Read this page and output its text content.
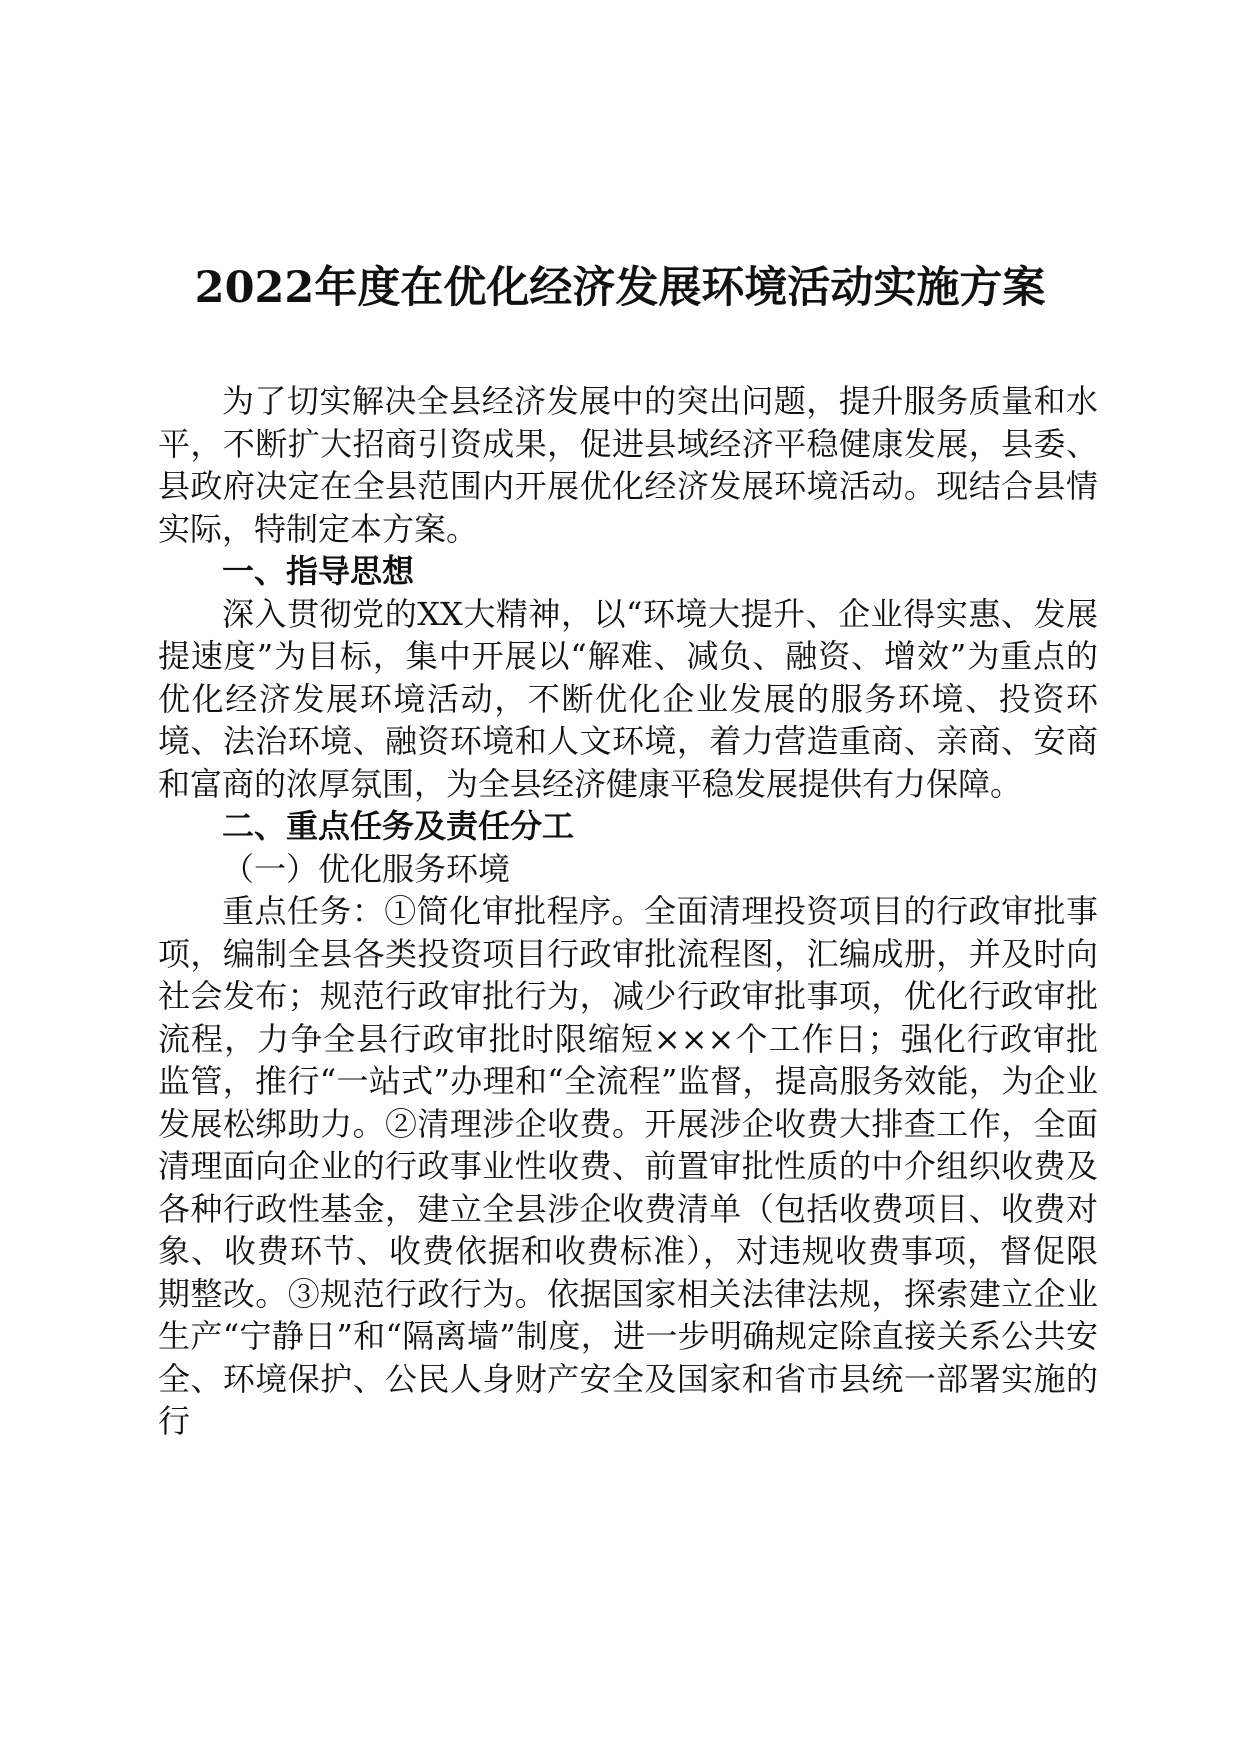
2022年度在优化经济发展环境活动实施方案

为了切实解决全县经济发展中的突出问题，提升服务质量和水平，不断扩大招商引资成果，促进县域经济平稳健康发展，县委、县政府决定在全县范围内开展优化经济发展环境活动。现结合县情实际，特制定本方案。

一、指导思想

深入贯彻党的XX大精神，以“环境大提升、企业得实惠、发展提速度”为目标，集中开展以“解难、减负、融资、增效”为重点的优化经济发展环境活动，不断优化企业发展的服务环境、投资环境、法治环境、融资环境和人文环境，着力营造重商、亲商、安商和富商的浓厚氛围，为全县经济健康平稳发展提供有力保障。

二、重点任务及责任分工

（一）优化服务环境

重点任务：①简化审批程序。全面清理投资项目的行政审批事项，编制全县各类投资项目行政审批流程图，汇编成册，并及时向社会发布；规范行政审批行为，减少行政审批事项，优化行政审批流程，力争全县行政审批时限缩短×××个工作日；强化行政审批监管，推行“一站式”办理和“全流程”监督，提高服务效能，为企业发展松绑助力。②清理涉企收费。开展涉企收费大排查工作，全面清理面向企业的行政事业性收费、前置审批性质的中介组织收费及各种行政性基金，建立全县涉企收费清单（包括收费项目、收费对象、收费环节、收费依据和收费标准），对违规收费事项，督促限期整改。③规范行政行为。依据国家相关法律法规，探索建立企业生产“宁静日”和“隔离墙”制度，进一步明确规定除直接关系公共安全、环境保护、公民人身财产安全及国家和省市县统一部署实施的行
